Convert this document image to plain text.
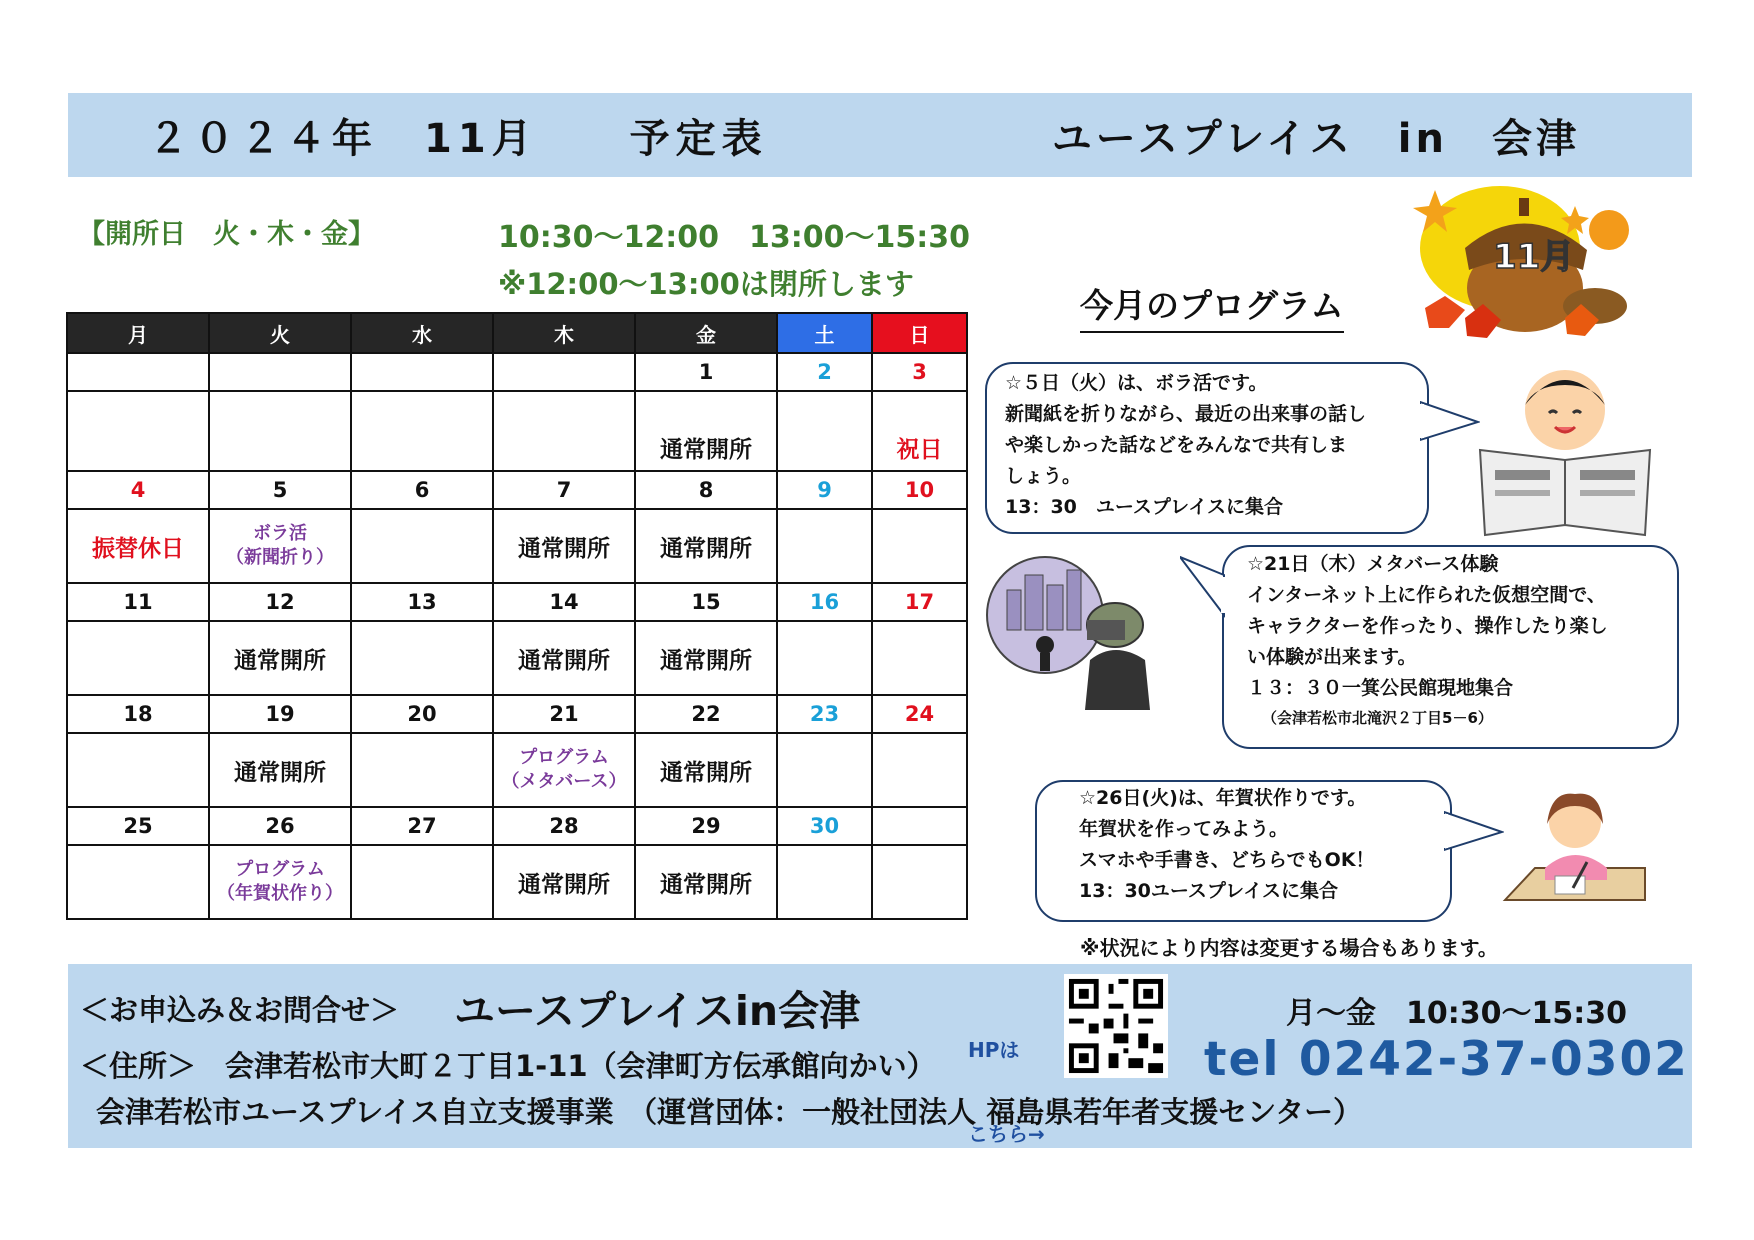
２０２４年　11月　　予定表	ユースプレイス　in　会津
【開所日　火・木・金】	10:30～12:00　13:00～15:30
※12:00～13:00は閉所します
月	火	水	木	金	土	日
				1	2	3
				通常開所		祝日
4	5	6	7	8	9	10
振替休日	ボラ活
（新聞折り）		通常開所	通常開所		
11	12	13	14	15	16	17
	通常開所		通常開所	通常開所		
18	19	20	21	22	23	24
	通常開所		プログラム
（メタバース）	通常開所		
25	26	27	28	29	30	
	プログラム
（年賀状作り）		通常開所	通常開所		
今月のプログラム
11月
☆５日（火）は、ボラ活です。
新聞紙を折りながら、最近の出来事の話し
や楽しかった話などをみんなで共有しま
しょう。
13：30　ユースプレイスに集合
☆21日（木）メタバース体験
インターネット上に作られた仮想空間で、
キャラクターを作ったり、操作したり楽し
い体験が出来ます。
１３：３０一箕公民館現地集合
（会津若松市北滝沢２丁目5－6）
☆26日(火)は、年賀状作りです。
年賀状を作ってみよう。
スマホや手書き、どちらでもOK！
13：30ユースプレイスに集合
※状況により内容は変更する場合もあります。
＜お申込み＆お問合せ＞ ユースプレイスin会津

HPは

こちら→

月～金　10:30～15:30
＜住所＞　会津若松市大町２丁目1-11（会津町方伝承館向かい）	tel 0242-37-0302
会津若松市ユースプレイス自立支援事業　（運営団体：一般社団法人 福島県若年者支援センター）
